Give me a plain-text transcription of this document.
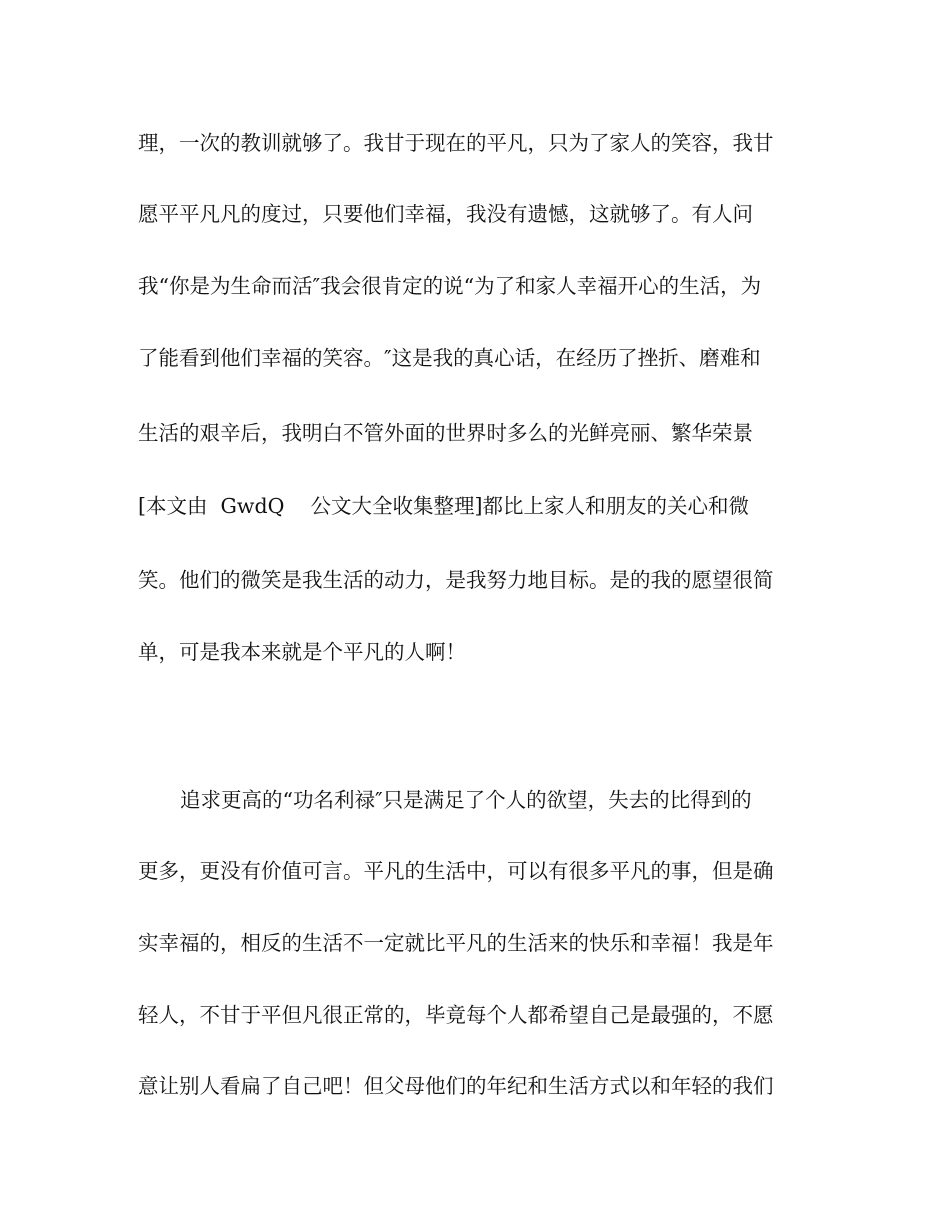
理，一次的教训就够了。我甘于现在的平凡，只为了家人的笑容，我甘
愿平平凡凡的度过，只要他们幸福，我没有遗憾，这就够了。有人问
我“你是为生命而活″我会很肯定的说“为了和家人幸福开心的生活，为
了能看到他们幸福的笑容。″这是我的真心话，在经历了挫折、磨难和
生活的艰辛后，我明白不管外面的世界时多么的光鲜亮丽、繁华荣景
[本文由  GwdQ    公文大全收集整理]都比上家人和朋友的关心和微
笑。他们的微笑是我生活的动力，是我努力地目标。是的我的愿望很简
单，可是我本来就是个平凡的人啊！
追求更高的“功名利禄″只是满足了个人的欲望，失去的比得到的
更多，更没有价值可言。平凡的生活中，可以有很多平凡的事，但是确
实幸福的，相反的生活不一定就比平凡的生活来的快乐和幸福！我是年
轻人，不甘于平但凡很正常的，毕竟每个人都希望自己是最强的，不愿
意让别人看扁了自己吧！但父母他们的年纪和生活方式以和年轻的我们
